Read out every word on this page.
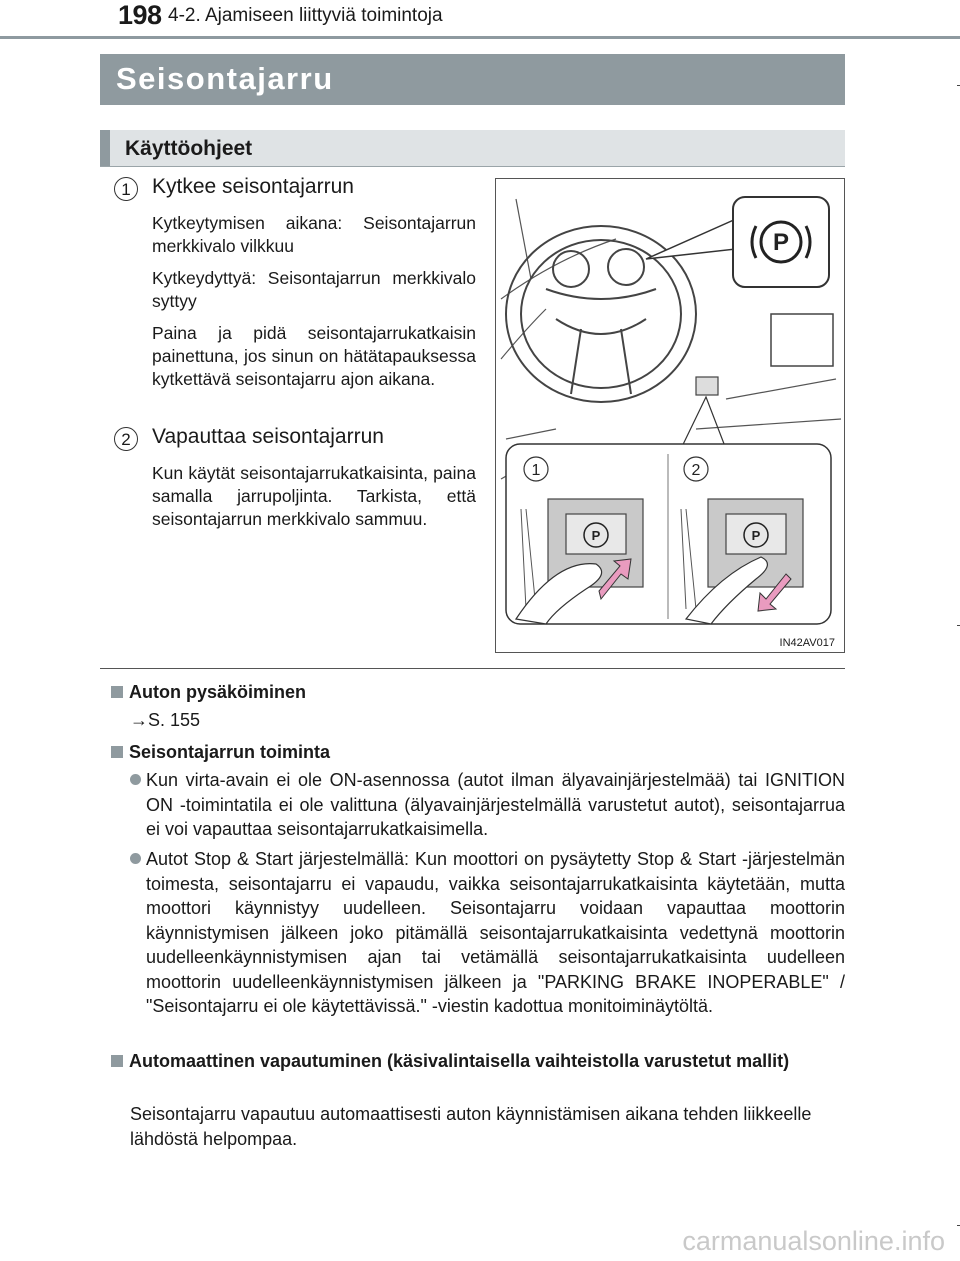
198 4-2. Ajamiseen liittyviä toimintoja
Seisontajarru
Käyttöohjeet
1	Kytkee seisontajarrun

Kytkeytymisen aikana: Seisontajarrun merkkivalo vilkkuu

Kytkeydyttyä: Seisontajarrun merkkivalo syttyy

Paina ja pidä seisontajarrukatkaisin painettuna, jos sinun on hätätapauksessa kytkettävä seisontajarru ajon aikana.

2	Vapauttaa seisontajarrun

Kun käytät seisontajarrukatkaisinta, paina samalla jarrupoljinta. Tarkista, että seisontajarrun merkkivalo sammuu.

P
1
P
2
P
IN42AV017
Auton pysäköiminen
→S. 155
Seisontajarrun toiminta
Kun virta-avain ei ole ON-asennossa (autot ilman älyavainjärjestelmää) tai IGNITION ON -toimintatila ei ole valittuna (älyavainjärjestelmällä varustetut autot), seisontajarrua ei voi vapauttaa seisontajarrukatkaisimella.
Autot Stop & Start järjestelmällä: Kun moottori on pysäytetty Stop & Start -järjestelmän toimesta, seisontajarru ei vapaudu, vaikka seisontajarrukatkaisinta käytetään, mutta moottori käynnistyy uudelleen. Seisontajarru voidaan vapauttaa moottorin käynnistymisen jälkeen joko pitämällä seisontajarrukatkaisinta vedettynä moottorin uudelleenkäynnistymisen ajan tai vetämällä seisontajarrukatkaisinta uudelleen moottorin uudelleenkäynnistymisen jälkeen ja "PARKING BRAKE INOPERABLE" / "Seisontajarru ei ole käytettävissä." -viestin kadottua monitoiminäytöltä.
Automaattinen vapautuminen (käsivalintaisella vaihteistolla varustetut mallit)
Seisontajarru vapautuu automaattisesti auton käynnistämisen aikana tehden liikkeelle lähdöstä helpompaa.
carmanualsonline.info
